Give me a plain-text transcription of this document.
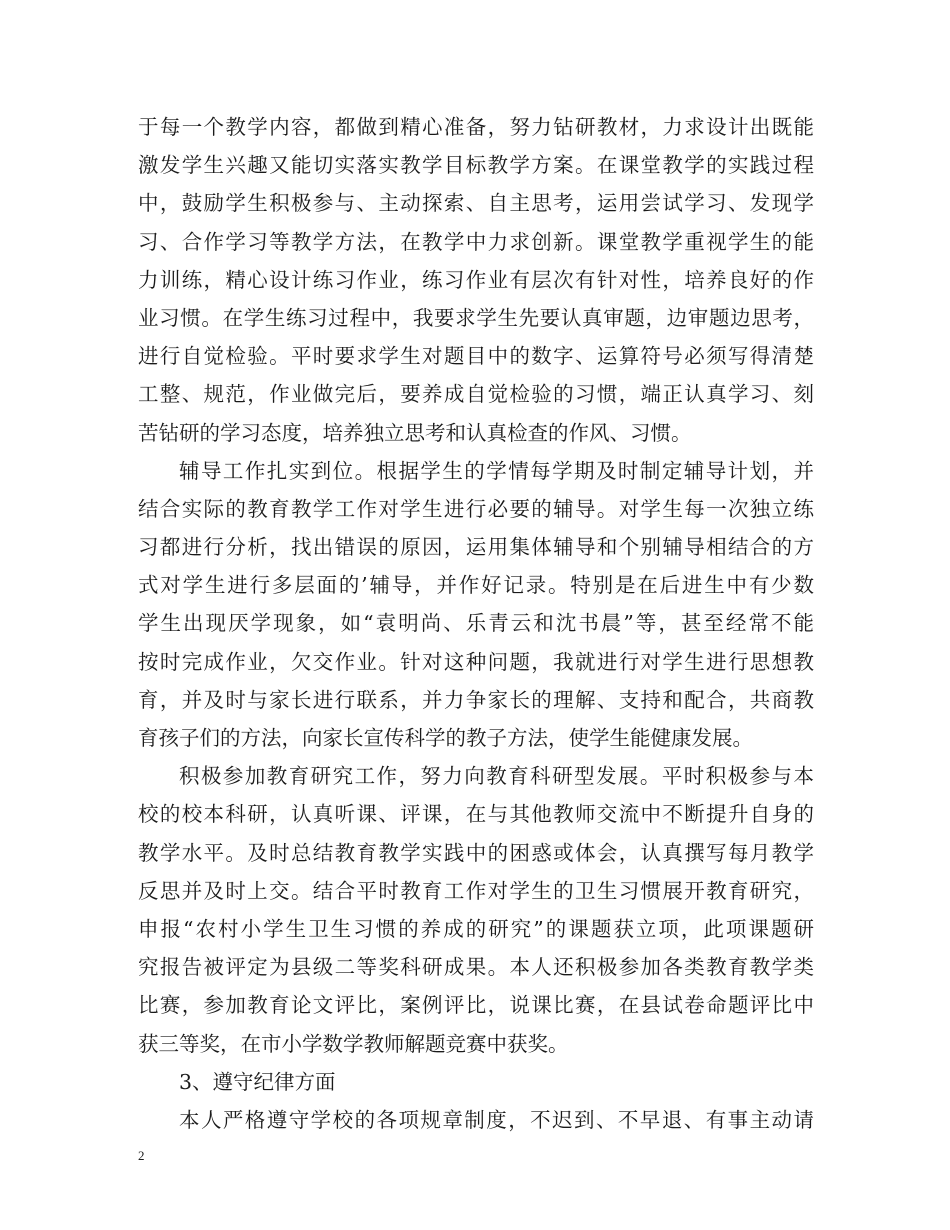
于每一个教学内容，都做到精心准备，努力钻研教材，力求设计出既能
激发学生兴趣又能切实落实教学目标教学方案。在课堂教学的实践过程
中，鼓励学生积极参与、主动探索、自主思考，运用尝试学习、发现学
习、合作学习等教学方法，在教学中力求创新。课堂教学重视学生的能
力训练，精心设计练习作业，练习作业有层次有针对性，培养良好的作
业习惯。在学生练习过程中，我要求学生先要认真审题，边审题边思考，
进行自觉检验。平时要求学生对题目中的数字、运算符号必须写得清楚
工整、规范，作业做完后，要养成自觉检验的习惯，端正认真学习、刻
苦钻研的学习态度，培养独立思考和认真检查的作风、习惯。
辅导工作扎实到位。根据学生的学情每学期及时制定辅导计划，并
结合实际的教育教学工作对学生进行必要的辅导。对学生每一次独立练
习都进行分析，找出错误的原因，运用集体辅导和个别辅导相结合的方
式对学生进行多层面的’辅导，并作好记录。特别是在后进生中有少数
学生出现厌学现象，如“袁明尚、乐青云和沈书晨”等，甚至经常不能
按时完成作业，欠交作业。针对这种问题，我就进行对学生进行思想教
育，并及时与家长进行联系，并力争家长的理解、支持和配合，共商教
育孩子们的方法，向家长宣传科学的教子方法，使学生能健康发展。
积极参加教育研究工作，努力向教育科研型发展。平时积极参与本
校的校本科研，认真听课、评课，在与其他教师交流中不断提升自身的
教学水平。及时总结教育教学实践中的困惑或体会，认真撰写每月教学
反思并及时上交。结合平时教育工作对学生的卫生习惯展开教育研究，
申报“农村小学生卫生习惯的养成的研究”的课题获立项，此项课题研
究报告被评定为县级二等奖科研成果。本人还积极参加各类教育教学类
比赛，参加教育论文评比，案例评比，说课比赛，在县试卷命题评比中
获三等奖，在市小学数学教师解题竞赛中获奖。
3、遵守纪律方面
本人严格遵守学校的各项规章制度，不迟到、不早退、有事主动请
2
